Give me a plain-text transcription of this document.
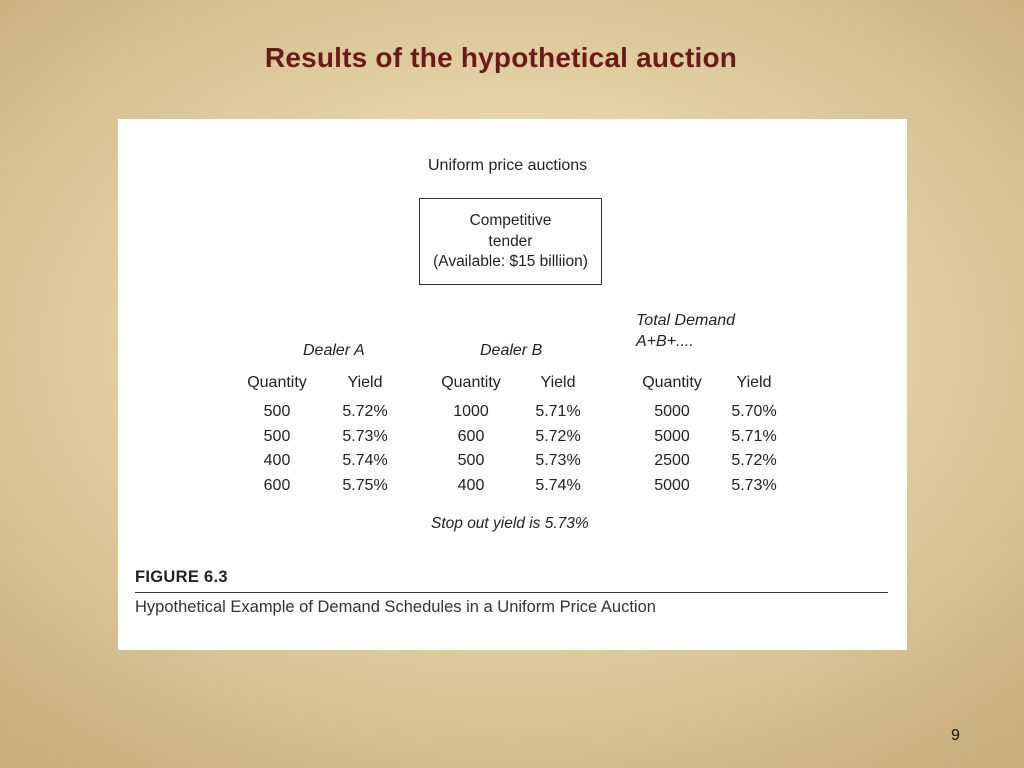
Results of the hypothetical auction
Uniform price auctions
Competitive
tender
(Available: $15 billiion)
Dealer A	Dealer B
Total Demand
A+B+....
Quantity
500
500
400
600
Yield
5.72%
5.73%
5.74%
5.75%
Quantity
1000
600
500
400
Yield
5.71%
5.72%
5.73%
5.74%
Quantity
5000
5000
2500
5000
Yield
5.70%
5.71%
5.72%
5.73%
Stop out yield is 5.73%
FIGURE 6.3
Hypothetical Example of Demand Schedules in a Uniform Price Auction
9
